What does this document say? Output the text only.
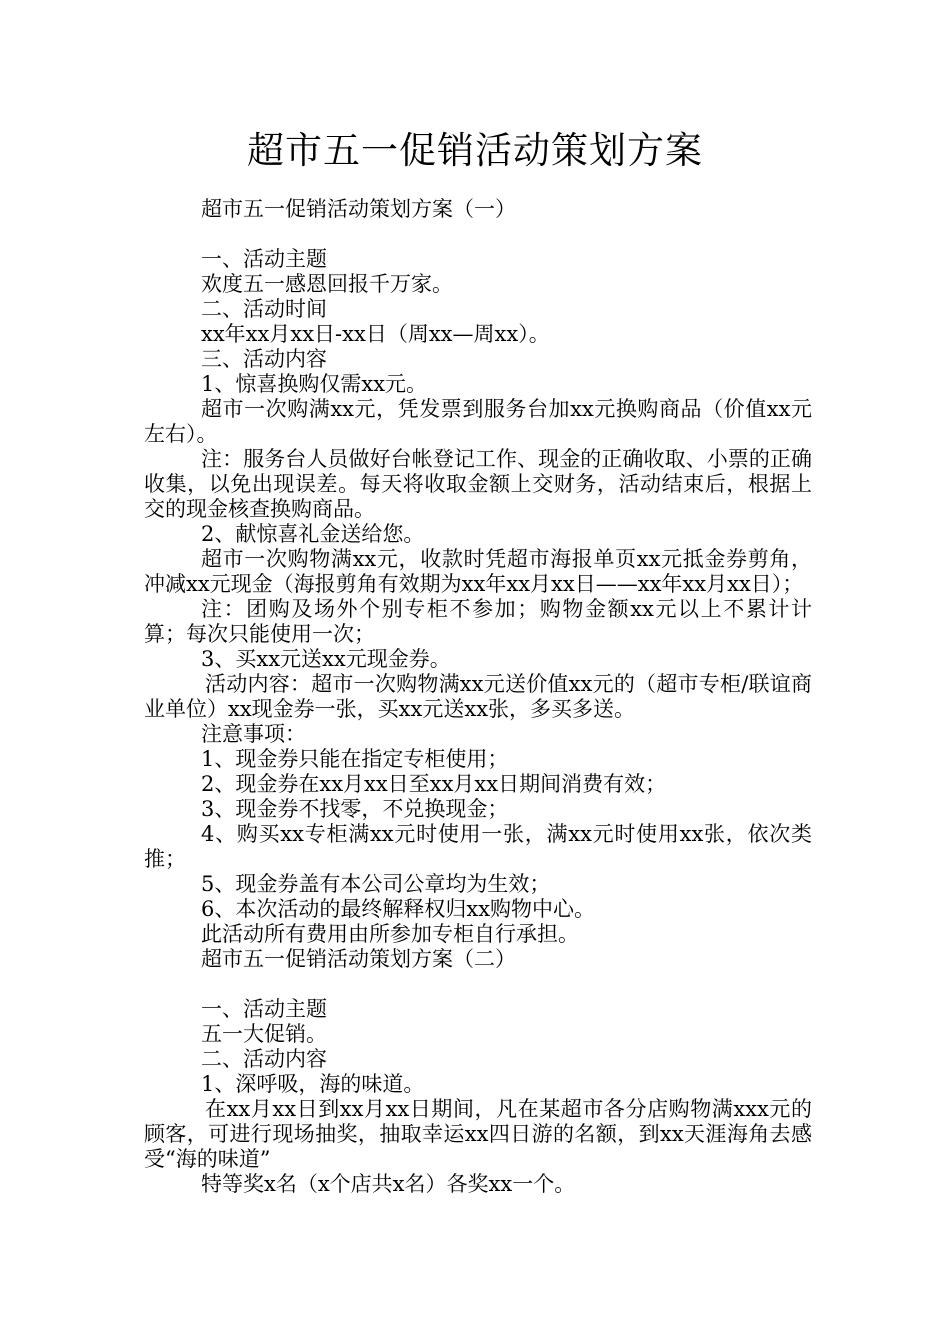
超市五一促销活动策划方案

超市五一促销活动策划方案（一）

一、活动主题

欢度五一感恩回报千万家。

二、活动时间

xx年xx月xx日-xx日（周xx—周xx）。

三、活动内容

1、惊喜换购仅需xx元。

超市一次购满xx元，凭发票到服务台加xx元换购商品（价值xx元左右）。

注：服务台人员做好台帐登记工作、现金的正确收取、小票的正确收集，以免出现误差。每天将收取金额上交财务，活动结束后，根据上交的现金核查换购商品。

2、献惊喜礼金送给您。

超市一次购物满xx元，收款时凭超市海报单页xx元抵金券剪角，冲减xx元现金（海报剪角有效期为xx年xx月xx日——xx年xx月xx日）；

注：团购及场外个别专柜不参加；购物金额xx元以上不累计计算；每次只能使用一次；

3、买xx元送xx元现金券。

活动内容：超市一次购物满xx元送价值xx元的（超市专柜/联谊商业单位）xx现金券一张，买xx元送xx张，多买多送。

注意事项：

1、现金券只能在指定专柜使用；

2、现金券在xx月xx日至xx月xx日期间消费有效；

3、现金券不找零，不兑换现金；

4、购买xx专柜满xx元时使用一张，满xx元时使用xx张，依次类推；

5、现金券盖有本公司公章均为生效；

6、本次活动的最终解释权归xx购物中心。

此活动所有费用由所参加专柜自行承担。

超市五一促销活动策划方案（二）

一、活动主题

五一大促销。

二、活动内容

1、深呼吸，海的味道。

在xx月xx日到xx月xx日期间，凡在某超市各分店购物满xxx元的顾客，可进行现场抽奖，抽取幸运xx四日游的名额，到xx天涯海角去感受“海的味道”

特等奖x名（x个店共x名）各奖xx一个。
